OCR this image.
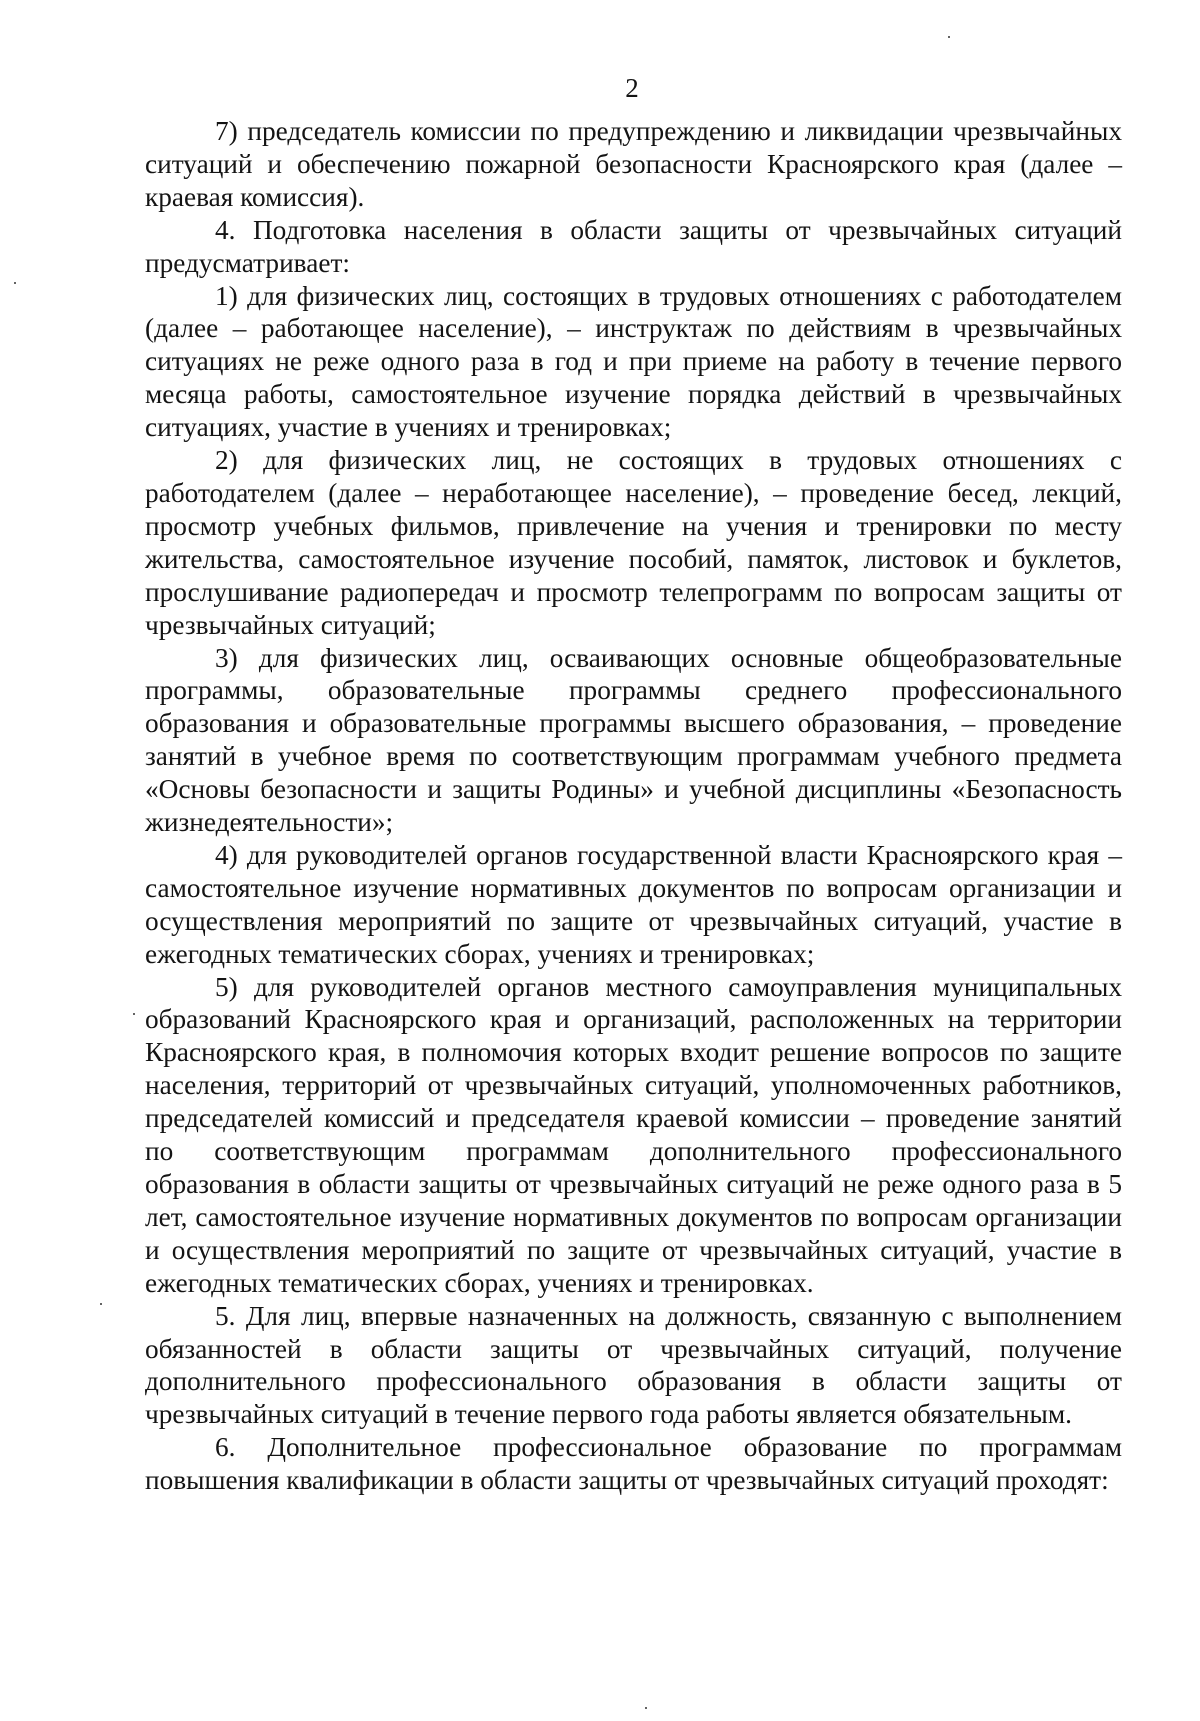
2

7) председатель комиссии по предупреждению и ликвидации чрезвычайных ситуаций и обеспечению пожарной безопасности Красноярского края (далее – краевая комиссия).

4. Подготовка населения в области защиты от чрезвычайных ситуаций предусматривает:

1) для физических лиц, состоящих в трудовых отношениях с работодателем (далее – работающее население), – инструктаж по действиям в чрезвычайных ситуациях не реже одного раза в год и при приеме на работу в течение первого месяца работы, самостоятельное изучение порядка действий в чрезвычайных ситуациях, участие в учениях и тренировках;

2) для физических лиц, не состоящих в трудовых отношениях с работодателем (далее – неработающее население), – проведение бесед, лекций, просмотр учебных фильмов, привлечение на учения и тренировки по месту жительства, самостоятельное изучение пособий, памяток, листовок и буклетов, прослушивание радиопередач и просмотр телепрограмм по вопросам защиты от чрезвычайных ситуаций;

3) для физических лиц, осваивающих основные общеобразовательные программы, образовательные программы среднего профессионального образования и образовательные программы высшего образования, – проведение занятий в учебное время по соответствующим программам учебного предмета «Основы безопасности и защиты Родины» и учебной дисциплины «Безопасность жизнедеятельности»;

4) для руководителей органов государственной власти Красноярского края – самостоятельное изучение нормативных документов по вопросам организации и осуществления мероприятий по защите от чрезвычайных ситуаций, участие в ежегодных тематических сборах, учениях и тренировках;

5) для руководителей органов местного самоуправления муниципальных образований Красноярского края и организаций, расположенных на территории Красноярского края, в полномочия которых входит решение вопросов по защите населения, территорий от чрезвычайных ситуаций, уполномоченных работников, председателей комиссий и председателя краевой комиссии – проведение занятий по соответствующим программам дополнительного профессионального образования в области защиты от чрезвычайных ситуаций не реже одного раза в 5 лет, самостоятельное изучение нормативных документов по вопросам организации и осуществления мероприятий по защите от чрезвычайных ситуаций, участие в ежегодных тематических сборах, учениях и тренировках.

5. Для лиц, впервые назначенных на должность, связанную с выполнением обязанностей в области защиты от чрезвычайных ситуаций, получение дополнительного профессионального образования в области защиты от чрезвычайных ситуаций в течение первого года работы является обязательным.

6. Дополнительное профессиональное образование по программам повышения квалификации в области защиты от чрезвычайных ситуаций проходят:
